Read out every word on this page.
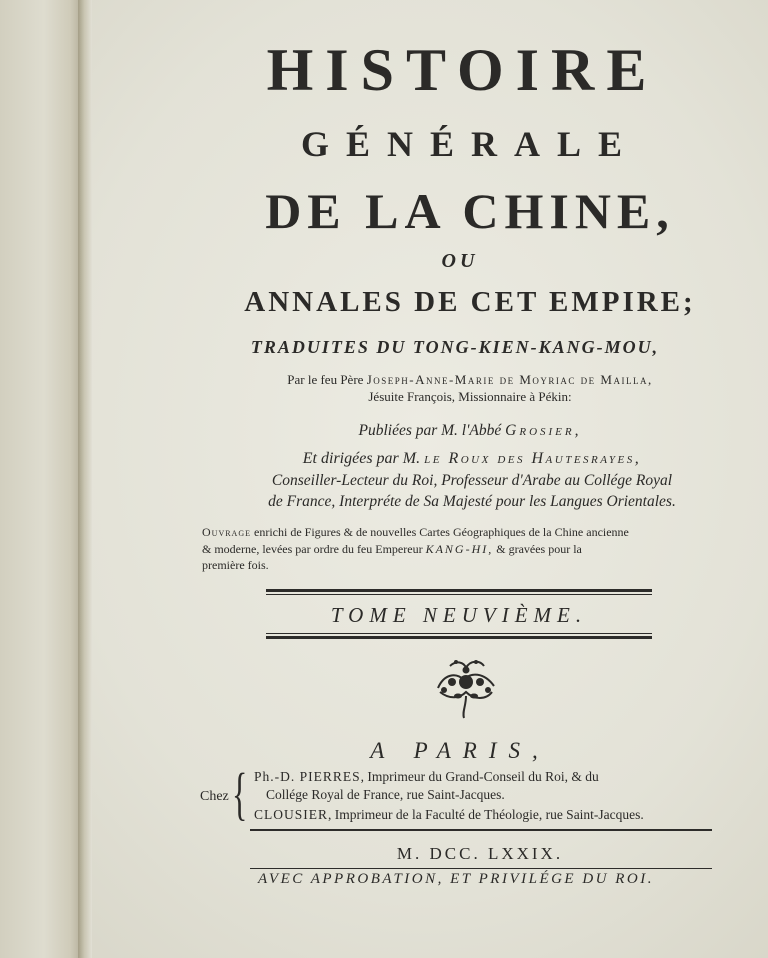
HISTOIRE
GÉNÉRALE
DE LA CHINE,
OU
ANNALES DE CET EMPIRE;
TRADUITES DU TONG-KIEN-KANG-MOU,
Par le feu Père Joseph-Anne-Marie de Moyriac de Mailla,
Jésuite François, Missionnaire à Pékin:
Publiées par M. l'Abbé Grosier,
Et dirigées par M. le Roux des Hautesrayes,
Conseiller-Lecteur du Roi, Professeur d'Arabe au Collége Royal
de France, Interpréte de Sa Majesté pour les Langues Orientales.
Ouvrage enrichi de Figures & de nouvelles Cartes Géographiques de la Chine ancienne
& moderne, levées par ordre du feu Empereur KANG-HI, & gravées pour la
première fois.
TOME NEUVIÈME.
A PARIS,
Chez { Ph.-D. PIERRES, Imprimeur du Grand-Conseil du Roi, & du
Collége Royal de France, rue Saint-Jacques.
CLOUSIER, Imprimeur de la Faculté de Théologie, rue Saint-Jacques.
M. DCC. LXXIX.
AVEC APPROBATION, ET PRIVILÉGE DU ROI.
